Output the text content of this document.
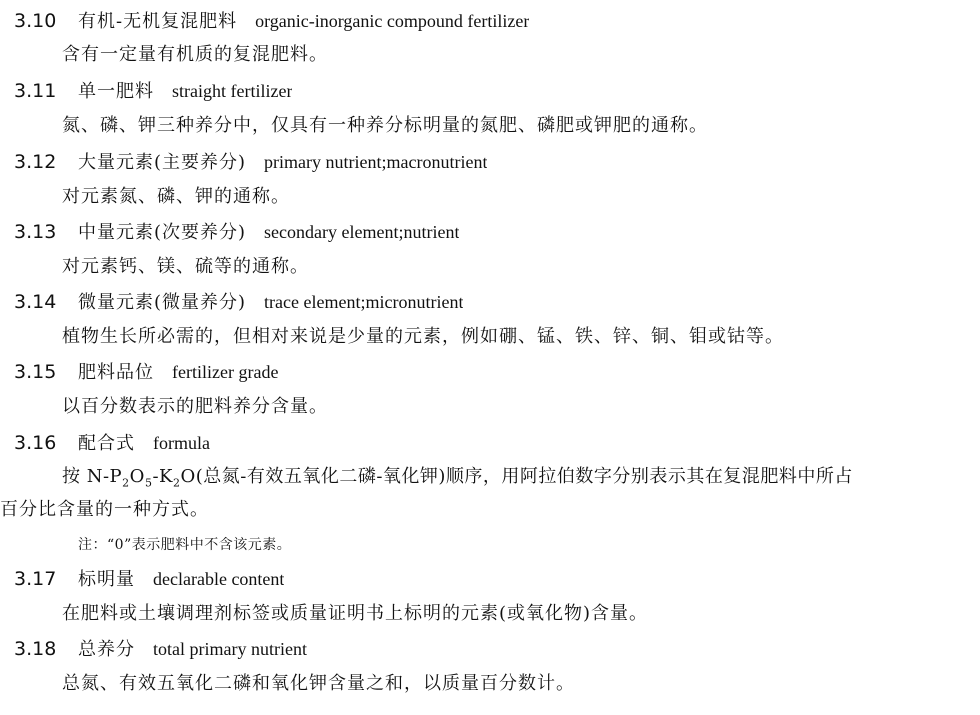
3.10 有机-无机复混肥料 organic-inorganic compound fertilizer
含有一定量有机质的复混肥料。
3.11 单一肥料 straight fertilizer
氮、磷、钾三种养分中，仅具有一种养分标明量的氮肥、磷肥或钾肥的通称。
3.12 大量元素(主要养分) primary nutrient;macronutrient
对元素氮、磷、钾的通称。
3.13 中量元素(次要养分) secondary element;nutrient
对元素钙、镁、硫等的通称。
3.14 微量元素(微量养分) trace element;micronutrient
植物生长所必需的，但相对来说是少量的元素，例如硼、锰、铁、锌、铜、钼或钴等。
3.15 肥料品位 fertilizer grade
以百分数表示的肥料养分含量。
3.16 配合式 formula
按 $N-P_2O_5-K_2O$(总氮-有效五氧化二磷-氧化钾)顺序，用阿拉伯数字分别表示其在复混肥料中所占
百分比含量的一种方式。
注：“0”表示肥料中不含该元素。
3.17 标明量 declarable content
在肥料或土壤调理剂标签或质量证明书上标明的元素(或氧化物)含量。
3.18 总养分 total primary nutrient
总氮、有效五氧化二磷和氧化钾含量之和，以质量百分数计。
